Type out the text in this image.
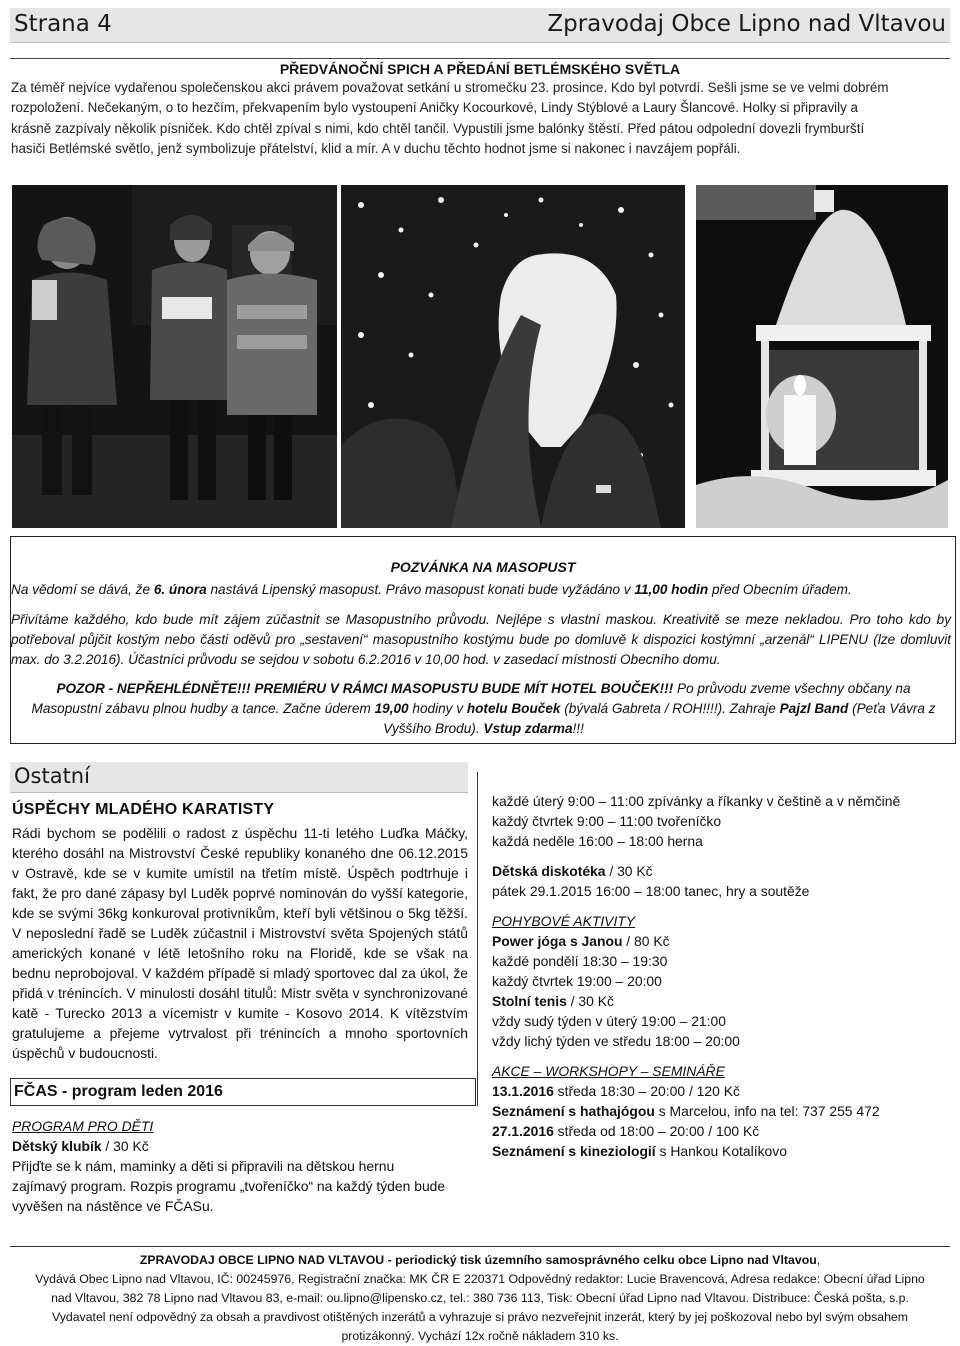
Strana 4	Zpravodaj Obce Lipno nad Vltavou
PŘEDVÁNOČNÍ SPICH A PŘEDÁNÍ BETLÉMSKÉHO SVĚTLA
Za téměř nejvíce vydařenou společenskou akci právem považovat setkání u stromečku 23. prosince. Kdo byl potvrdí. Sešli jsme se ve velmi dobrém
rozpoložení. Nečekaným, o to hezčím, překvapením bylo vystoupení Aničky Kocourkové, Lindy Stýblové a Laury Šlancové. Holky si připravily a
krásně zazpívaly několik písniček. Kdo chtěl zpíval s nimi, kdo chtěl tančil. Vypustili jsme balónky štěstí. Před pátou odpolední dovezli frymburští
hasiči Betlémské světlo, jenž symbolizuje přátelství, klid a mír. A v duchu těchto hodnot jsme si nakonec i navzájem popřáli.
POZVÁNKA NA MASOPUST
Na vědomí se dává, že 6. února nastává Lipenský masopust. Právo masopust konati bude vyžádáno v 11,00 hodin před Obecním úřadem.
Přivítáme každého, kdo bude mít zájem zúčastnit se Masopustního průvodu. Nejlépe s vlastní maskou. Kreativitě se meze nekladou. Pro toho kdo by potřeboval půjčit kostým nebo části oděvů pro „sestavení“ masopustního kostýmu bude po domluvě k dispozici kostýmní „arzenál“ LIPENU (lze domluvit max. do 3.2.2016). Účastníci průvodu se sejdou v sobotu 6.2.2016 v 10,00 hod. v zasedací místnosti Obecního domu.
POZOR - NEPŘEHLÉDNĚTE!!! PREMIÉRU V RÁMCI MASOPUSTU BUDE MÍT HOTEL BOUČEK!!! Po průvodu zveme všechny občany na Masopustní zábavu plnou hudby a tance. Začne úderem 19,00 hodiny v hotelu Bouček (bývalá Gabreta / ROH!!!!). Zahraje Pajzl Band (Peťa Vávra z Vyššího Brodu). Vstup zdarma!!!
Ostatní
ÚSPĚCHY MLADÉHO KARATISTY
Rádi bychom se podělili o radost z úspěchu 11-ti letého Luďka Máčky, kterého dosáhl na Mistrovství České republiky konaného dne 06.12.2015 v Ostravě, kde se v kumite umístil na třetím místě. Úspěch podtrhuje i fakt, že pro dané zápasy byl Luděk poprvé nominován do vyšší kategorie, kde se svými 36kg konkuroval protivníkům, kteří byli většinou o 5kg těžší. V neposlední řadě se Luděk zúčastnil i Mistrovství světa Spojených států amerických konané v létě letošního roku na Floridě, kde se však na bednu neprobojoval. V každém případě si mladý sportovec dal za úkol, že přidá v trénincích. V minulosti dosáhl titulů: Mistr světa v synchronizované katě - Turecko 2013 a vícemistr v kumite - Kosovo 2014. K vítězstvím gratulujeme a přejeme vytrvalost při trénincích a mnoho sportovních úspěchů v budoucnosti.
FČAS - program leden 2016
PROGRAM PRO DĚTI
Dětský klubík / 30 Kč
Přijďte se k nám, maminky a děti si připravili na dětskou hernu
zajímavý program. Rozpis programu „tvořeníčko“ na každý týden bude
vyvěšen na nástěnce ve FČASu.
každé úterý 9:00 – 11:00 zpívánky a říkanky v češtině a v němčině
každý čtvrtek 9:00 – 11:00 tvořeníčko
každá neděle 16:00 – 18:00 herna
Dětská diskotéka / 30 Kč
pátek 29.1.2015 16:00 – 18:00 tanec, hry a soutěže
POHYBOVÉ AKTIVITY
Power jóga s Janou / 80 Kč
každé pondělí 18:30 – 19:30
každý čtvrtek 19:00 – 20:00
Stolní tenis / 30 Kč
vždy sudý týden v úterý 19:00 – 21:00
vždy lichý týden ve středu 18:00 – 20:00
AKCE – WORKSHOPY – SEMINÁŘE
13.1.2016 středa 18:30 – 20:00 / 120 Kč
Seznámení s hathajógou s Marcelou, info na tel: 737 255 472
27.1.2016 středa od 18:00 – 20:00 / 100 Kč
Seznámení s kineziologií s Hankou Kotalíkovo
ZPRAVODAJ OBCE LIPNO NAD VLTAVOU - periodický tisk územního samosprávného celku obce Lipno nad Vltavou,
Vydává Obec Lipno nad Vltavou, IČ: 00245976, Registrační značka: MK ČR E 220371 Odpovědný redaktor: Lucie Bravencová, Adresa redakce: Obecní úřad Lipno
nad Vltavou, 382 78 Lipno nad Vltavou 83, e-mail: ou.lipno@lipensko.cz, tel.: 380 736 113, Tisk: Obecní úřad Lipno nad Vltavou. Distribuce: Česká pošta, s.p.
Vydavatel není odpovědný za obsah a pravdivost otištěných inzerátů a vyhrazuje si právo nezveřejnit inzerát, který by jej poškozoval nebo byl svým obsahem
protizákonný. Vychází 12x ročně nákladem 310 ks.
